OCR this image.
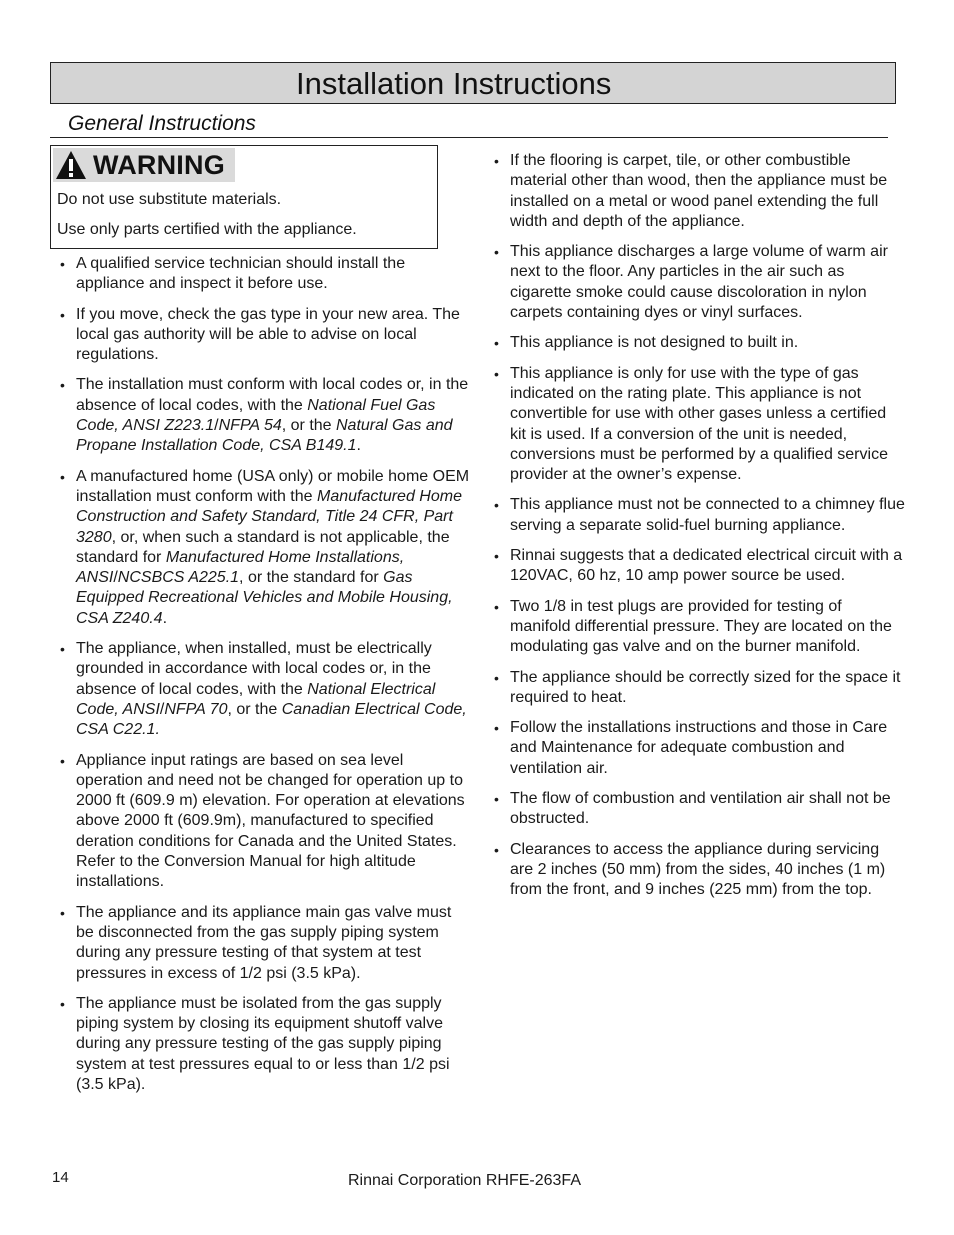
Installation Instructions
General Instructions
WARNING

Do not use substitute materials.

Use only parts certified with the appliance.

• A qualified service technician should install the appliance and inspect it before use.
• If you move, check the gas type in your new area. The local gas authority will be able to advise on local regulations.
• The installation must conform with local codes or, in the absence of local codes, with the National Fuel Gas Code, ANSI Z223.1/NFPA 54, or the Natural Gas and Propane Installation Code, CSA B149.1.
• A manufactured home (USA only) or mobile home OEM installation must conform with the Manufactured Home Construction and Safety Standard, Title 24 CFR, Part 3280, or, when such a standard is not applicable, the standard for Manufactured Home Installations, ANSI/NCSBCS A225.1, or the standard for Gas Equipped Recreational Vehicles and Mobile Housing, CSA Z240.4.
• The appliance, when installed, must be electrically grounded in accordance with local codes or, in the absence of local codes, with the National Electrical Code, ANSI/NFPA 70, or the Canadian Electrical Code, CSA C22.1.
• Appliance input ratings are based on sea level operation and need not be changed for operation up to 2000 ft (609.9 m) elevation. For operation at elevations above 2000 ft (609.9m), manufactured to specified deration conditions for Canada and the United States. Refer to the Conversion Manual for high altitude installations.
• The appliance and its appliance main gas valve must be disconnected from the gas supply piping system during any pressure testing of that system at test pressures in excess of 1/2 psi (3.5 kPa).
• The appliance must be isolated from the gas supply piping system by closing its equipment shutoff valve during any pressure testing of the gas supply piping system at test pressures equal to or less than 1/2 psi (3.5 kPa).
• If the flooring is carpet, tile, or other combustible material other than wood, then the appliance must be installed on a metal or wood panel extending the full width and depth of the appliance.
• This appliance discharges a large volume of warm air next to the floor. Any particles in the air such as cigarette smoke could cause discoloration in nylon carpets containing dyes or vinyl surfaces.
• This appliance is not designed to built in.
• This appliance is only for use with the type of gas indicated on the rating plate. This appliance is not convertible for use with other gases unless a certified kit is used. If a conversion of the unit is needed, conversions must be performed by a qualified service provider at the owner’s expense.
• This appliance must not be connected to a chimney flue serving a separate solid-fuel burning appliance.
• Rinnai suggests that a dedicated electrical circuit with a 120VAC, 60 hz, 10 amp power source be used.
• Two 1/8 in test plugs are provided for testing of manifold differential pressure. They are located on the modulating gas valve and on the burner manifold.
• The appliance should be correctly sized for the space it required to heat.
• Follow the installations instructions and those in Care and Maintenance for adequate combustion and ventilation air.
• The flow of combustion and ventilation air shall not be obstructed.
• Clearances to access the appliance during servicing are 2 inches (50 mm) from the sides, 40 inches (1 m) from the front, and 9 inches (225 mm) from the top.
14	Rinnai Corporation RHFE-263FA
